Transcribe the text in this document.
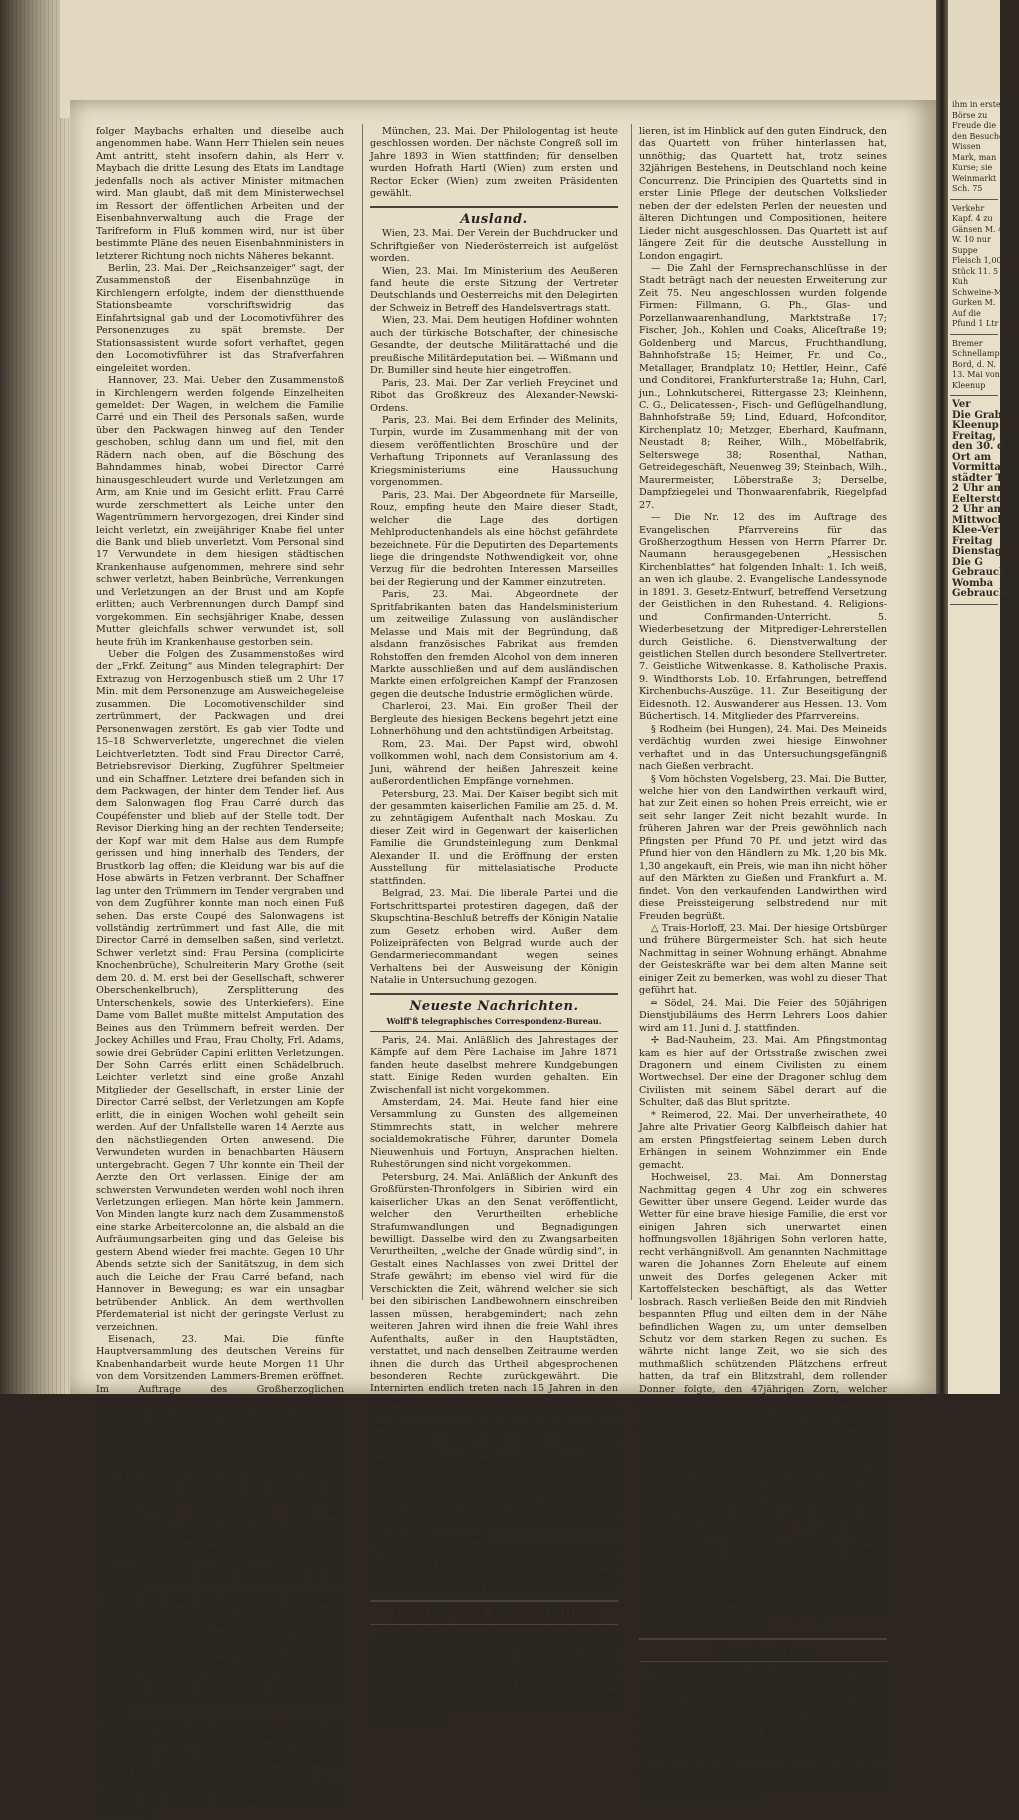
ihm in erster
Börse zu
Freude die
den Besuchen
Wissen
Mark, man
Kurse; sie
Weinmarkt
Sch. 75
Verkehr
Kapf. 4 zu
Gänsen M. 40
W. 10 nur
Suppe
Fleisch 1,00
Stück 11. 5
Kuh
Schweine-Markt
Gurken M.
Auf die
Pfund 1 Ltr
Bremer
Schnellampfer
Bord, d. N.
13. Mai von
Kleenup
Ver
Die Grab
Kleenup
Freitag, de
den 30. d.
Ort am
Vormittags
städter Th
2 Uhr am
Eelterstoß
2 Uhr am
Mittwoch
Klee-Ver
Freitag
Dienstag
Die G
Gebrauch
Womba
Gebraucht

folger Maybachs erhalten und dieselbe auch angenommen habe. Wann Herr Thielen sein neues Amt antritt, steht insofern dahin, als Herr v. Maybach die dritte Lesung des Etats im Landtage jedenfalls noch als activer Minister mitmachen wird. Man glaubt, daß mit dem Ministerwechsel im Ressort der öffentlichen Arbeiten und der Eisenbahnverwaltung auch die Frage der Tarifreform in Fluß kommen wird, nur ist über bestimmte Pläne des neuen Eisenbahnministers in letzterer Richtung noch nichts Näheres bekannt.

Berlin, 23. Mai. Der „Reichsanzeiger“ sagt, der Zusammenstoß der Eisenbahnzüge in Kirchlengern erfolgte, indem der dienstthuende Stationsbeamte vorschriftswidrig das Einfahrtsignal gab und der Locomotivführer des Personenzuges zu spät bremste. Der Stationsassistent wurde sofort verhaftet, gegen den Locomotivführer ist das Strafverfahren eingeleitet worden.

Hannover, 23. Mai. Ueber den Zusammenstoß in Kirchlengern werden folgende Einzelheiten gemeldet: Der Wagen, in welchem die Familie Carré und ein Theil des Personals saßen, wurde über den Packwagen hinweg auf den Tender geschoben, schlug dann um und fiel, mit den Rädern nach oben, auf die Böschung des Bahndammes hinab, wobei Director Carré hinausgeschleudert wurde und Verletzungen am Arm, am Knie und im Gesicht erlitt. Frau Carré wurde zerschmettert als Leiche unter den Wagentrümmern hervorgezogen, drei Kinder sind leicht verletzt, ein zweijähriger Knabe fiel unter die Bank und blieb unverletzt. Vom Personal sind 17 Verwundete in dem hiesigen städtischen Krankenhause aufgenommen, mehrere sind sehr schwer verletzt, haben Beinbrüche, Verrenkungen und Verletzungen an der Brust und am Kopfe erlitten; auch Verbrennungen durch Dampf sind vorgekommen. Ein sechsjähriger Knabe, dessen Mutter gleichfalls schwer verwundet ist, soll heute früh im Krankenhause gestorben sein.

Ueber die Folgen des Zusammenstoßes wird der „Frkf. Zeitung“ aus Minden telegraphirt: Der Extrazug von Herzogenbusch stieß um 2 Uhr 17 Min. mit dem Personenzuge am Ausweichegeleise zusammen. Die Locomotivenschilder sind zertrümmert, der Packwagen und drei Personenwagen zerstört. Es gab vier Todte und 15–18 Schwerverletzte, ungerechnet die vielen Leichtverletzten. Todt sind Frau Director Carré, Betriebsrevisor Dierking, Zugführer Speltmeier und ein Schaffner. Letztere drei befanden sich in dem Packwagen, der hinter dem Tender lief. Aus dem Salonwagen flog Frau Carré durch das Coupéfenster und blieb auf der Stelle todt. Der Revisor Dierking hing an der rechten Tenderseite; der Kopf war mit dem Halse aus dem Rumpfe gerissen und hing innerhalb des Tenders, der Brustkorb lag offen; die Kleidung war bis auf die Hose abwärts in Fetzen verbrannt. Der Schaffner lag unter den Trümmern im Tender vergraben und von dem Zugführer konnte man noch einen Fuß sehen. Das erste Coupé des Salonwagens ist vollständig zertrümmert und fast Alle, die mit Director Carré in demselben saßen, sind verletzt. Schwer verletzt sind: Frau Persina (complicirte Knochenbrüche), Schulreiterin Mary Grothe (seit dem 20. d. M. erst bei der Gesellschaft, schwerer Oberschenkelbruch), Zersplitterung des Unterschenkels, sowie des Unterkiefers). Eine Dame vom Ballet mußte mittelst Amputation des Beines aus den Trümmern befreit werden. Der Jockey Achilles und Frau, Frau Cholty, Frl. Adams, sowie drei Gebrüder Capini erlitten Verletzungen. Der Sohn Carrés erlitt einen Schädelbruch. Leichter verletzt sind eine große Anzahl Mitglieder der Gesellschaft, in erster Linie der Director Carré selbst, der Verletzungen am Kopfe erlitt, die in einigen Wochen wohl geheilt sein werden. Auf der Unfallstelle waren 14 Aerzte aus den nächstliegenden Orten anwesend. Die Verwundeten wurden in benachbarten Häusern untergebracht. Gegen 7 Uhr konnte ein Theil der Aerzte den Ort verlassen. Einige der am schwersten Verwundeten werden wohl noch ihren Verletzungen erliegen. Man hörte kein Jammern. Von Minden langte kurz nach dem Zusammenstoß eine starke Arbeitercolonne an, die alsbald an die Aufräumungsarbeiten ging und das Geleise bis gestern Abend wieder frei machte. Gegen 10 Uhr Abends setzte sich der Sanitätszug, in dem sich auch die Leiche der Frau Carré befand, nach Hannover in Bewegung; es war ein unsagbar betrübender Anblick. An dem werthvollen Pferdematerial ist nicht der geringste Verlust zu verzeichnen.

Eisenach, 23. Mai. Die fünfte Hauptversammlung des deutschen Vereins für Knabenhandarbeit wurde heute Morgen 11 Uhr von dem Vorsitzenden Lammers-Bremen eröffnet. Im Auftrage des Großherzoglichen Staatsministeriums begrüßte Schulrath Eberhardt (Weimar), im Namen der Stadt Eisenach Bürgermeister Wittrock die Versammlung. Nach Erledigung des Geschäftsberichts sprachen die Lehrer Hertel (Zwickau) und Kalb (Gera) über den Arbeitsunterricht für Knaben in dem Alter von 7 bis 10 Jahren. Eine von Groppler (Berlin) vorgeschlagene Resolution, in welcher die Nothwendigkeit einer Verbindung zwischen den Arbeiten des Kindergartens und der Schulwerkstatt betont und den deutschen Schüler-Werkstätten praktische Versuche in dieser Richtung empfohlen werden, gelangte einstimmig zur Annahme. Zum nächstjährigen Versammlungsorte wurde Königsberg i. Pr. bestimmt.

Köln, 23. Mai. Die Königliche Eisenbahn-Direction (rechtsrheinisch), welche die von den Zechen im der Kölner Kohlensubmission am 15. April abgegebenen Offerten zu 105 Mk. abgelehnt hat, forderte der „Köln. Volkszeitung“ zufolge die dem Kohlenverkaufsverein angehörigen Zechen auf, ihr freihändige Angebote zu machen und erließ zu diesem Behufe eine Einladung zu mündlichen Verhandlungen für den 26. Mai nach Essen.

Köln, 23. Mai. Die „Köln. Ztg.“ meldet aus Amsterdam, der Minister des Aeußeren habe einer Abordnung der südafrikanischen Republik mitgetheilt, die Kaiserin werde den Kaiser bei seinem Besuche nach Amsterdam begleiten.

Saarbrücken, 23. Mai. Heute sind auf denselben Gruben, wie gestern, insgesammt 1831 Mann ausständig.

München, 23. Mai. Der Philologentag ist heute geschlossen worden. Der nächste Congreß soll im Jahre 1893 in Wien stattfinden; für denselben wurden Hofrath Hartl (Wien) zum ersten und Rector Ecker (Wien) zum zweiten Präsidenten gewählt.

Ausland.

Wien, 23. Mai. Der Verein der Buchdrucker und Schriftgießer von Niederösterreich ist aufgelöst worden.

Wien, 23. Mai. Im Ministerium des Aeußeren fand heute die erste Sitzung der Vertreter Deutschlands und Oesterreichs mit den Delegirten der Schweiz in Betreff des Handelsvertrags statt.

Wien, 23. Mai. Dem heutigen Hofdiner wohnten auch der türkische Botschafter, der chinesische Gesandte, der deutsche Militärattaché und die preußische Militärdeputation bei. — Wißmann und Dr. Bumiller sind heute hier eingetroffen.

Paris, 23. Mai. Der Zar verlieh Freycinet und Ribot das Großkreuz des Alexander-Newski-Ordens.

Paris, 23. Mai. Bei dem Erfinder des Melinits, Turpin, wurde im Zusammenhang mit der von diesem veröffentlichten Broschüre und der Verhaftung Triponnets auf Veranlassung des Kriegsministeriums eine Haussuchung vorgenommen.

Paris, 23. Mai. Der Abgeordnete für Marseille, Rouz, empfing heute den Maire dieser Stadt, welcher die Lage des dortigen Mehlproductenhandels als eine höchst gefährdete bezeichnete. Für die Deputirten des Departements liege die dringendste Nothwendigkeit vor, ohne Verzug für die bedrohten Interessen Marseilles bei der Regierung und der Kammer einzutreten.

Paris, 23. Mai. Abgeordnete der Spritfabrikanten baten das Handelsministerium um zeitweilige Zulassung von ausländischer Melasse und Mais mit der Begründung, daß alsdann französisches Fabrikat aus fremden Rohstoffen den fremden Alcohol von dem inneren Markte ausschließen und auf dem ausländischen Markte einen erfolgreichen Kampf der Franzosen gegen die deutsche Industrie ermöglichen würde.

Charleroi, 23. Mai. Ein großer Theil der Bergleute des hiesigen Beckens begehrt jetzt eine Lohnerhöhung und den achtstündigen Arbeitstag.

Rom, 23. Mai. Der Papst wird, obwohl vollkommen wohl, nach dem Consistorium am 4. Juni, während der heißen Jahreszeit keine außerordentlichen Empfänge vornehmen.

Petersburg, 23. Mai. Der Kaiser begibt sich mit der gesammten kaiserlichen Familie am 25. d. M. zu zehntägigem Aufenthalt nach Moskau. Zu dieser Zeit wird in Gegenwart der kaiserlichen Familie die Grundsteinlegung zum Denkmal Alexander II. und die Eröffnung der ersten Ausstellung für mittelasiatische Producte stattfinden.

Belgrad, 23. Mai. Die liberale Partei und die Fortschrittspartei protestiren dagegen, daß der Skupschtina-Beschluß betreffs der Königin Natalie zum Gesetz erhoben wird. Außer dem Polizeipräfecten von Belgrad wurde auch der Gendarmeriecommandant wegen seines Verhaltens bei der Ausweisung der Königin Natalie in Untersuchung gezogen.

Neueste Nachrichten.
Wolff'ß telegraphisches Correspondenz-Bureau.

Paris, 24. Mai. Anläßlich des Jahrestages der Kämpfe auf dem Père Lachaise im Jahre 1871 fanden heute daselbst mehrere Kundgebungen statt. Einige Reden wurden gehalten. Ein Zwischenfall ist nicht vorgekommen.

Amsterdam, 24. Mai. Heute fand hier eine Versammlung zu Gunsten des allgemeinen Stimmrechts statt, in welcher mehrere socialdemokratische Führer, darunter Domela Nieuwenhuis und Fortuyn, Ansprachen hielten. Ruhestörungen sind nicht vorgekommen.

Petersburg, 24. Mai. Anläßlich der Ankunft des Großfürsten-Thronfolgers in Sibirien wird ein kaiserlicher Ukas an den Senat veröffentlicht, welcher den Verurtheilten erhebliche Strafumwandlungen und Begnadigungen bewilligt. Dasselbe wird den zu Zwangsarbeiten Verurtheilten, „welche der Gnade würdig sind“, in Gestalt eines Nachlasses von zwei Drittel der Strafe gewährt; im ebenso viel wird für die Verschickten die Zeit, während welcher sie sich bei den sibirischen Landbewohnern einschreiben lassen müssen, herabgemindert; nach zehn weiteren Jahren wird ihnen die freie Wahl ihres Aufenthalts, außer in den Hauptstädten, verstattet, und nach denselben Zeitraume werden ihnen die durch das Urtheil abgesprochenen besonderen Rechte zurückgewährt. Die Internirten endlich treten nach 15 Jahren in den Vollbesitz ihrer Rechte zurück. Die Auswahl der dieser Gnadenbezeigung würdigen Personen ist den Gouverneuren zugestehen. Zugleich wird ein kaiserlicher Erlaß an den Thronfolger veröffentlicht, durch welchen dieser bevollmächtigt wird, den Bewohnern Sibiriens den kaiserlichen Willen kundzugeben, das Land mit Rußland durch eine Eisenbahn zu verbinden und persönlich in Ussuri den ersten Spatenstich zu dieser Eisenbahn zu thun. Schließlich wird der Thronfolger zum Chef des ersten ostsibirischen Jägerbataillons ernannt.

Buenos-Ayres, 24. Mai. Nach einer Meldung des Reuter'schen Bureaus sind in der Provinz Cordoba während des elfstündigen Kampfes bei den jetzt beendeten Unruhen 25 Personen getödtet worden.

Locales und Provinzielles.

Gießen, 25. Mai. — Auf die heute und morgen Abend in Steins Garten stattfindenden Concerte des rühmlichst bekannten Zapf'schen Vocal-Künstler-Quartetts aus Wiesbaden sei an dieser Stelle besonders aufmerksam gemacht. Besondere Worte der Empfehlung über die Leistungen des Quartetts zu verlieren, ist im Hinblick auf den guten Eindruck

lieren, ist im Hinblick auf den guten Eindruck, den das Quartett von früher hinterlassen hat, unnöthig; das Quartett hat, trotz seines 32jährigen Bestehens, in Deutschland noch keine Concurrenz. Die Principien des Quartetts sind in erster Linie Pflege der deutschen Volkslieder neben der der edelsten Perlen der neuesten und älteren Dichtungen und Compositionen, heitere Lieder nicht ausgeschlossen. Das Quartett ist auf längere Zeit für die deutsche Ausstellung in London engagirt.

— Die Zahl der Fernsprechanschlüsse in der Stadt beträgt nach der neuesten Erweiterung zur Zeit 75. Neu angeschlossen wurden folgende Firmen: Fillmann, G. Ph., Glas- und Porzellanwaarenhandlung, Marktstraße 17; Fischer, Joh., Kohlen und Coaks, Aliceſtraße 19; Goldenberg und Marcus, Fruchthandlung, Bahnhofstraße 15; Heimer, Fr. und Co., Metallager, Brandplatz 10; Hettler, Heinr., Café und Conditorei, Frankfurterstraße 1a; Huhn, Carl, jun., Lohnkutscherei, Rittergasse 23; Kleinhenn, C. G., Delicatessen-, Fisch- und Geflügelhandlung, Bahnhofstraße 59; Lind, Eduard, Hofconditor, Kirchenplatz 10; Metzger, Eberhard, Kaufmann, Neustadt 8; Reiher, Wilh., Möbelfabrik, Selterswege 38; Rosenthal, Nathan, Getreidegeschäft, Neuenweg 39; Steinbach, Wilh., Maurermeister, Löberstraße 3; Derselbe, Dampfziegelei und Thonwaarenfabrik, Riegelpfad 27.

— Die Nr. 12 des im Auftrage des Evangelischen Pfarrvereins für das Großherzogthum Hessen von Herrn Pfarrer Dr. Naumann herausgegebenen „Hessischen Kirchenblattes“ hat folgenden Inhalt: 1. Ich weiß, an wen ich glaube. 2. Evangelische Landessynode in 1891. 3. Gesetz-Entwurf, betreffend Versetzung der Geistlichen in den Ruhestand. 4. Religions- und Confirmanden-Unterricht. 5. Wiederbesetzung der Mitprediger-Lehrerstellen durch Geistliche. 6. Dienstverwaltung der geistlichen Stellen durch besondere Stellvertreter. 7. Geistliche Witwenkasse. 8. Katholische Praxis. 9. Windthorsts Lob. 10. Erfahrungen, betreffend Kirchenbuchs-Auszüge. 11. Zur Beseitigung der Eidesnoth. 12. Auswanderer aus Hessen. 13. Vom Büchertisch. 14. Mitglieder des Pfarrvereins.

§ Rodheim (bei Hungen), 24. Mai. Des Meineids verdächtig wurden zwei hiesige Einwohner verhaftet und in das Untersuchungsgefängniß nach Gießen verbracht.

§ Vom höchsten Vogelsberg, 23. Mai. Die Butter, welche hier von den Landwirthen verkauft wird, hat zur Zeit einen so hohen Preis erreicht, wie er seit sehr langer Zeit nicht bezahlt wurde. In früheren Jahren war der Preis gewöhnlich nach Pfingsten per Pfund 70 Pf. und jetzt wird das Pfund hier von den Händlern zu Mk. 1,20 bis Mk. 1,30 angekauft, ein Preis, wie man ihn nicht höher auf den Märkten zu Gießen und Frankfurt a. M. findet. Von den verkaufenden Landwirthen wird diese Preissteigerung selbstredend nur mit Freuden begrüßt.

△ Trais-Horloff, 23. Mai. Der hiesige Ortsbürger und frühere Bürgermeister Sch. hat sich heute Nachmittag in seiner Wohnung erhängt. Abnahme der Geisteskräfte war bei dem alten Manne seit einiger Zeit zu bemerken, was wohl zu dieser That geführt hat.

═ Södel, 24. Mai. Die Feier des 50jährigen Dienstjubiläums des Herrn Lehrers Loos dahier wird am 11. Juni d. J. stattfinden.

✢ Bad-Nauheim, 23. Mai. Am Pfingstmontag kam es hier auf der Ortsstraße zwischen zwei Dragonern und einem Civilisten zu einem Wortwechsel. Der eine der Dragoner schlug dem Civilisten mit seinem Säbel derart auf die Schulter, daß das Blut spritzte.

* Reimerod, 22. Mai. Der unverheirathete, 40 Jahre alte Privatier Georg Kalbfleisch dahier hat am ersten Pfingstfeiertag seinem Leben durch Erhängen in seinem Wohnzimmer ein Ende gemacht.

Hochweisel, 23. Mai. Am Donnerstag Nachmittag gegen 4 Uhr zog ein schweres Gewitter über unsere Gegend. Leider wurde das Wetter für eine brave hiesige Familie, die erst vor einigen Jahren sich unerwartet einen hoffnungsvollen 18jährigen Sohn verloren hatte, recht verhängnißvoll. Am genannten Nachmittage waren die Johannes Zorn Eheleute auf einem unweit des Dorfes gelegenen Acker mit Kartoffelstecken beschäftigt, als das Wetter losbrach. Rasch verließen Beide den mit Rindvieh bespannten Pflug und eilten dem in der Nähe befindlichen Wagen zu, um unter demselben Schutz vor dem starken Regen zu suchen. Es währte nicht lange Zeit, wo sie sich des muthmaßlich schützenden Plätzchens erfreut hatten, da traf ein Blitzstrahl, dem rollender Donner folgte, den 47jährigen Zorn, welcher dieser sofort tödtete, dagegen seine Ehefrau nur momentan betäubte und eine Seite derselben stark roth anlaufend lähmte. Am dem vom Blitz erschlagenen Manne war nur das Versengen des Haares und ein rother Streifen dem Rücken entlang bemerkbar. Hoffentlich gelingt es der ärztlichen Wissenschaft, die arme Frau wieder vollständig herzustellen, damit den beiden acht- und elfjährigen Kindern, welche so plötzlich des Vaters beraubt wurden, die Mutter und Ernährerin erhalten bleibt. — Aus diesem Unglücksfall, welcher unsere ganze Einwohnerschaft in große Aufregung versetzt hatte, mögen Alle, welche von einem Gewitter auf freiem Felde überrascht werden, die Lehre ziehen, lieber auf flachem Felde sich niederzulegen und die auf sie fallende Nässe zu ertragen, als unter einem einzeln stehenden Baum, Wagen u. Schutz vor dem Regen zu suchen.

Vermischtes.

* Frankfurt a. M., 22. Mai. In letzter Nacht wurde auf dem Hafenpfad ein Raubmordversuch an einer 82jährigen Frau gemacht. Der Thäter überfiel die alte Frau, knebelte sie, legte ihr ein Tuch um den Hals und zog es zu. In der Meinung, die alte Frau sei todt, durchwühlte er nun die ganze Wohnung nach Geld, kam aber nicht an die richtige Schublade, in der 680 Mk. sich befanden; da er nichts fand, ging er davon. Die alte Frau kam wieder zu sich, stand mit ihren gebundenen Händen auf und ging zu
